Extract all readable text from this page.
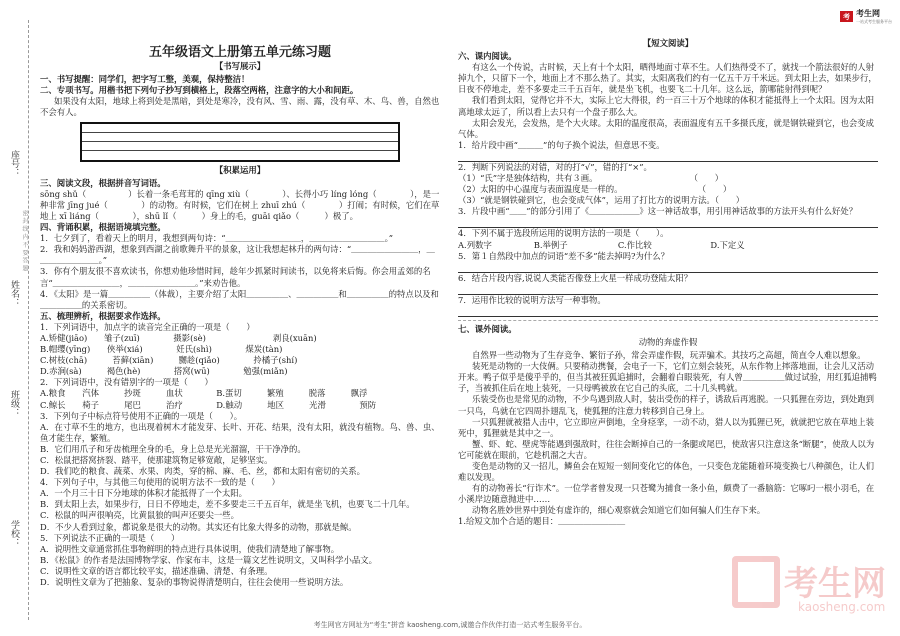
考 考生网
一站式考生服务平台
座号：
姓名：
班级：
学校：
密 封 线 内 不 要 答 题
五年级语文上册第五单元练习题
【书写展示】

一、书写提醒：同学们，把字写工整，美观，保持整洁！

二、专项书写。用楷书把下列句子抄写到横格上，段落空两格，注意字的大小和间距。

如果没有太阳，地球上将到处是黑暗，到处是寒冷，没有风、雪、雨、露，没有草、木、鸟、兽，自然也不会有人。

【积累运用】

三、阅读文段，根据拼音写词语。

sōng shǔ（　　　　　）长着一条毛茸茸的 qīng xiù（　　　　）、长得小巧 líng lóng（　　　　），是一种非常 jīng jué（　　　　）的动物。有时候，它们在树上 zhuī zhú（　　　　）打闹；有时候，它们在草地上 xī liáng（　　　　），shū lǐ（　　　）身上的毛，guāi qiǎo（　　　）极了。

四、背诵积累，根据语境填完整。

1．七夕到了，看着天上的明月，我想到两句诗：“＿＿＿＿＿＿＿＿＿，＿＿＿＿＿＿＿＿＿。”

2．我和妈妈游西湖，想象到西湖之前歌舞升平的景象，这让我想起林升的两句诗：“＿＿＿＿＿＿＿＿，＿＿＿＿＿＿＿＿。”

3．你有个朋友很不喜欢读书，你想劝他珍惜时间，趁年少抓紧时间读书，以免将来后悔。你会用孟郊的名言“＿＿＿＿＿＿＿＿，＿＿＿＿＿＿＿＿。”来劝告他。

4．《太阳》是一篇＿＿＿＿＿（体裁），主要介绍了太阳＿＿＿＿＿、＿＿＿＿＿和＿＿＿＿＿的特点以及和＿＿＿＿＿的关系密切。

五、梳理辨析，根据要求作选择。

1．下列词语中，加点字的读音完全正确的一项是（　　）

A.矫健(jiāo)　　雏子(zuī)　　　　摄影(sè)　　　　　　　　剥良(xuān)

B.帽缨(yīng)　　俠举(xiá)　　　　妊氏(shì)　　　　煤炭(tàn)

C.树枝(chā)　　　苔藓(xiān)　　　嬲趁(qiǎo)　　　　拎橘子(shí)

D.赤涧(sà)　　　褐色(hè)　　　　搭窝(wū)　　　　勉强(miǎn)

2．下列词语中，没有错别字的一项是（　　）

A.粮食　　汽体　　　抄斑　　　血状　　　　B.蛋切　　　繁殖　　　脱落　　　飘浮

C.鲸长　　椅子　　　尾巴　　　治疗　　　　D.触动　　　地区　　　光滑　　　　预防

3．下列句子中标点符号使用不正确的一项是（　　）。

A．在寸草不生的地方，也出现着树木才能发芽、长叶、开花、结果，没有太阳，就没有植物。鸟、兽、虫、鱼才能生存，繁殖。

B．它们用爪子和牙齿梳理全身的毛，身上总是光光溜溜，干干净净的。

C．松鼠把搭窝挤裂、踏平，使那建筑物足够宽敞，足够坚实。

D．我们吃的粮食、蔬菜、水果、肉类，穿的棉、麻、毛、丝，都和太阳有密切的关系。

4．下列句子中，与其他三句使用的说明方法不一致的是（　　）

A．一个月三十日下分地球的体积才能抵得了一个太阳。

B．到太阳上去，如果步行，日日不停地走，差不多要走三千五百年，就是坐飞机，也要飞二十几年。

C．松鼠的叫声很响亮，比黄鼠狼的叫声还要尖一些。

D．不少人看到过象，都说象是很大的动物。其实还有比象大得多的动物，那就是鲸。

5．下列说法不正确的一项是（　　）

A．说明性文章通常抓住事物鲜明的特点进行具体说明，使我们清楚地了解事物。

B．《松鼠》的作者是法国博物学家、作家布丰，这是一篇文艺性说明文，又叫科学小品文。

C．说明性文章的语言都比较平实，描述准确、清楚、有条理。

D．说明性文章为了把抽象、复杂的事物说得清楚明白，往往会使用一些说明方法。

【短文阅读】

六、课内阅读。

有这么一个传说，古时候，天上有十个太阳，晒得地面寸草不生。人们热得受不了，就找一个箭法很好的人射掉九个，只留下一个，地面上才不那么热了。其实，太阳离我们约有一亿五千万千米远。到太阳上去，如果步行，日夜不停地走，差不多要走三千五百年，就是坐飞机，也要飞二十几年。这么远，箭哪能射得到呢？

我们看到太阳，觉得它并不大，实际上它大得很，约一百三十万个地球的体积才能抵得上一个太阳。因为太阳离地球太远了，所以看上去只有一个盘子那么大。

太阳会发光，会发热，是个大火球。太阳的温度很高，表面温度有五千多摄氏度，就是钢铁碰到它，也会变成气体。

1．给片段中画“＿＿＿”的句子换个说法，但意思不变。

2．判断下列说法的对错，对的打“√”，错的打“×”。

（1）“氏”字是独体结构，共有３画。　　　　　　　　　　　　（　　）

（2）太阳的中心温度与表面温度是一样的。　　　　　　　　　　（　　）

（3）“就是钢铁碰到它，也会变成气体”，运用了打比方的说明方法。（　　）

3．片段中画“＿＿”的部分引用了《＿＿＿＿＿＿》这一神话故事，用引用神话故事的方法开头有什么好处？

4．下列不属于选段所运用的说明方法的一项是（　　）。

A.列数字　　　　　B.举例子　　　　　　C.作比较　　　　　　　D.下定义

5．第１自然段中加点的词语“差不多”能去掉吗?为什么？

6．结合片段内容,说说人类能否像登上火星一样成功登陆太阳？

7．运用作比较的说明方法写一种事物。

七、课外阅读。

动物的奔虚作假

自然界一些动物为了生存竞争、繁衍子孙，常会弄虚作假，玩弄骗术。其技巧之高超，简直令人难以想象。

装死是动物的一大伎俩。只要稍动携餐，会电子一下，它们立刻会装死，从东作物上摔落地面，让会儿又活动开来。鸭子似乎是傻乎乎的，但当其被狂狐追捕时，会翻着白眼装死，有人曾＿＿＿＿＿做过试验，用红狐追捕鸭子，当被抓住后在地上装死，一只母鸭被放在它自己的头底，二十几头鸭就。

乐装受伤也是常见的动物，不少鸟遇到敌人时，装出受伤的样子，诱敌后再逃脱。一只狐狸在旁边，到处跑到一只鸟，鸟就在它四周扑翅乱飞，使狐狸的注意力转移到自己身上。

一只狐狸就被猎人击中，它立即应声倒地，全身痉挛，一动不动，猎人以为狐狸已死，就就把它放在草地上装死中，狐狸就是其中之一。

蟹、虾、蛇、壁虎等能遇到强敌时，往往会断掉自己的一条腿或尾巴，使敌害只注意这条“断腿”，使敌人以为它可能就在眼前，它趁机溜之大吉。

变色是动物的又一招儿，鳞鱼会在短短一刻间变化它的体色，一只变色龙能随着环境变换七八种颜色，让人们难以发现。

有的动物善长“行诈术”。一位学者曾发现一只苍鹭为捕食一条小鱼，颇费了一番脑筋：它啄叼一根小羽毛，在小溪岸边随意抛进中……

动物名胜妙世界中到处有虚诈的，细心观察就会知道它们如何骗人们生存下来。

1.给短文加个合适的题目：＿＿＿＿＿＿＿＿

考生网
kaosheng.com
考生网官方网址为“考生”拼音 kaosheng.com,诚邀合作伙伴打造一站式考生服务平台。
